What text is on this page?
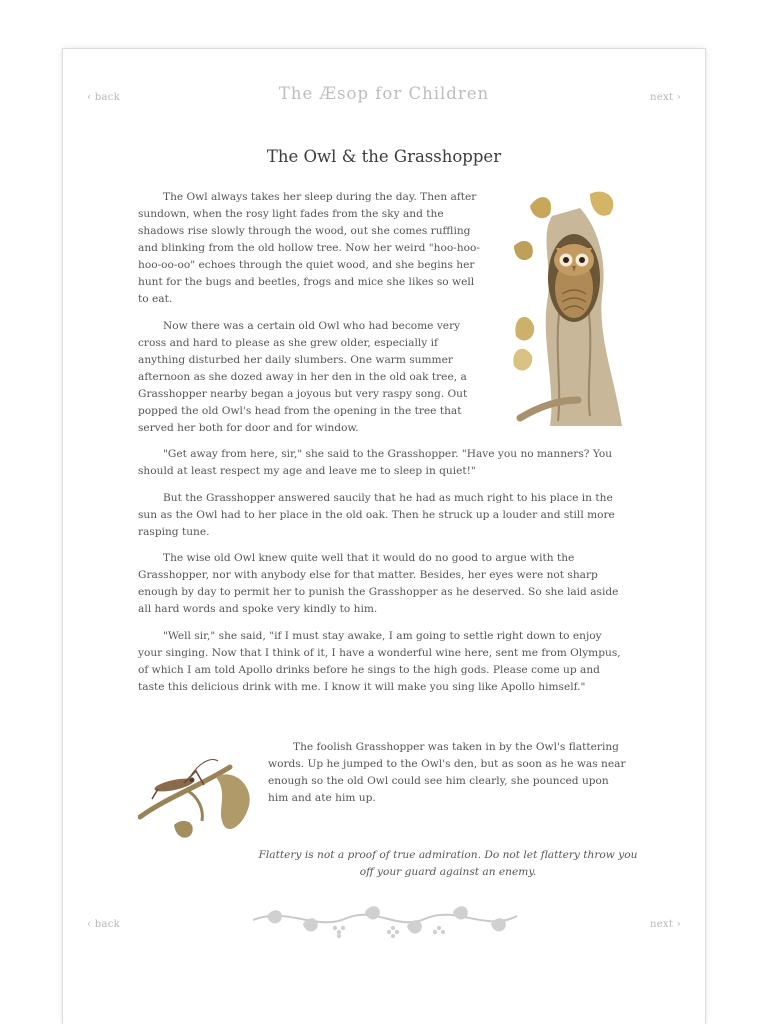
‹ back	The Æsop for Children	next ›
The Owl & the Grasshopper

The Owl always takes her sleep during the day. Then after sundown, when the rosy light fades from the sky and the shadows rise slowly through the wood, out she comes ruffling and blinking from the old hollow tree. Now her weird "hoo-hoo-hoo-oo-oo" echoes through the quiet wood, and she begins her hunt for the bugs and beetles, frogs and mice she likes so well to eat.

Now there was a certain old Owl who had become very cross and hard to please as she grew older, especially if anything disturbed her daily slumbers. One warm summer afternoon as she dozed away in her den in the old oak tree, a Grasshopper nearby began a joyous but very raspy song. Out popped the old Owl's head from the opening in the tree that served her both for door and for window.

"Get away from here, sir," she said to the Grasshopper. "Have you no manners? You should at least respect my age and leave me to sleep in quiet!"

But the Grasshopper answered saucily that he had as much right to his place in the sun as the Owl had to her place in the old oak. Then he struck up a louder and still more rasping tune.

The wise old Owl knew quite well that it would do no good to argue with the Grasshopper, nor with anybody else for that matter. Besides, her eyes were not sharp enough by day to permit her to punish the Grasshopper as he deserved. So she laid aside all hard words and spoke very kindly to him.

"Well sir," she said, "if I must stay awake, I am going to settle right down to enjoy your singing. Now that I think of it, I have a wonderful wine here, sent me from Olympus, of which I am told Apollo drinks before he sings to the high gods. Please come up and taste this delicious drink with me. I know it will make you sing like Apollo himself."

The foolish Grasshopper was taken in by the Owl's flattering words. Up he jumped to the Owl's den, but as soon as he was near enough so the old Owl could see him clearly, she pounced upon him and ate him up.

Flattery is not a proof of true admiration. Do not let flattery throw you off your guard against an enemy.
‹ back	next ›
